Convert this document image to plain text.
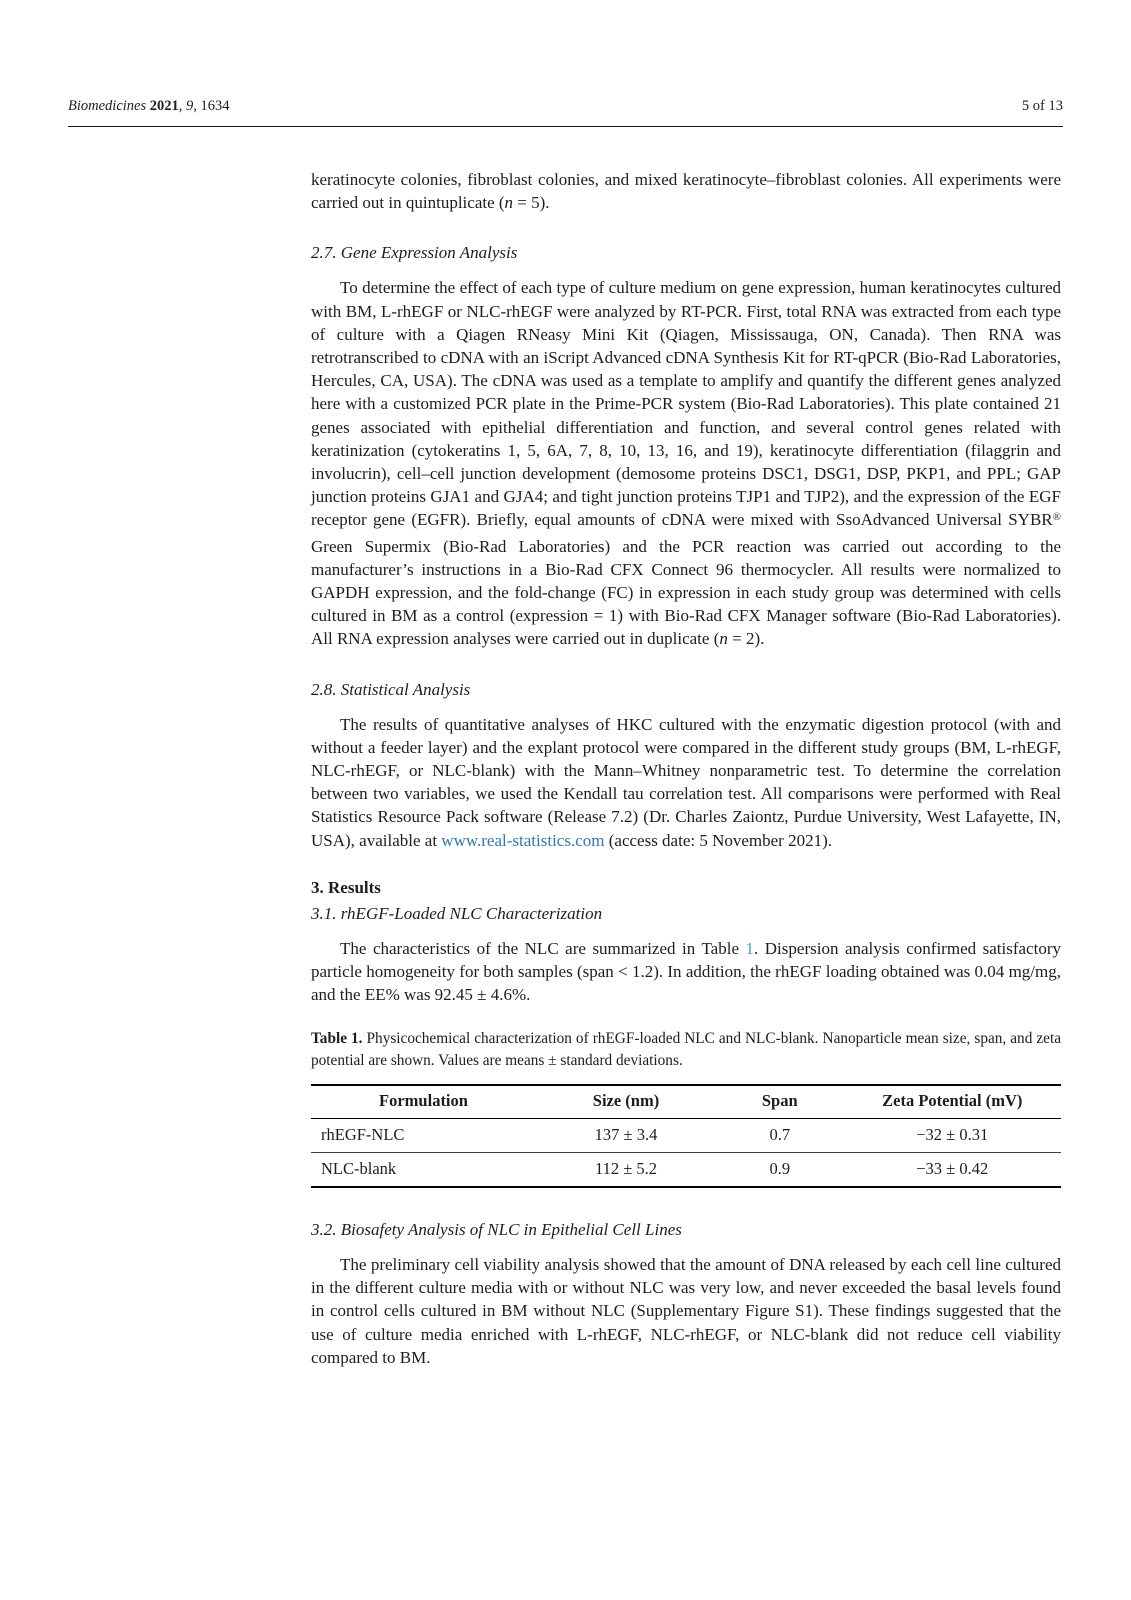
Biomedicines 2021, 9, 1634	5 of 13

keratinocyte colonies, fibroblast colonies, and mixed keratinocyte–fibroblast colonies. All experiments were carried out in quintuplicate (n = 5).

2.7. Gene Expression Analysis

To determine the effect of each type of culture medium on gene expression, human keratinocytes cultured with BM, L-rhEGF or NLC-rhEGF were analyzed by RT-PCR. First, total RNA was extracted from each type of culture with a Qiagen RNeasy Mini Kit (Qiagen, Mississauga, ON, Canada). Then RNA was retrotranscribed to cDNA with an iScript Advanced cDNA Synthesis Kit for RT-qPCR (Bio-Rad Laboratories, Hercules, CA, USA). The cDNA was used as a template to amplify and quantify the different genes analyzed here with a customized PCR plate in the Prime-PCR system (Bio-Rad Laboratories). This plate contained 21 genes associated with epithelial differentiation and function, and several control genes related with keratinization (cytokeratins 1, 5, 6A, 7, 8, 10, 13, 16, and 19), keratinocyte differentiation (filaggrin and involucrin), cell–cell junction development (demosome proteins DSC1, DSG1, DSP, PKP1, and PPL; GAP junction proteins GJA1 and GJA4; and tight junction proteins TJP1 and TJP2), and the expression of the EGF receptor gene (EGFR). Briefly, equal amounts of cDNA were mixed with SsoAdvanced Universal SYBR® Green Supermix (Bio-Rad Laboratories) and the PCR reaction was carried out according to the manufacturer’s instructions in a Bio-Rad CFX Connect 96 thermocycler. All results were normalized to GAPDH expression, and the fold-change (FC) in expression in each study group was determined with cells cultured in BM as a control (expression = 1) with Bio-Rad CFX Manager software (Bio-Rad Laboratories). All RNA expression analyses were carried out in duplicate (n = 2).

2.8. Statistical Analysis

The results of quantitative analyses of HKC cultured with the enzymatic digestion protocol (with and without a feeder layer) and the explant protocol were compared in the different study groups (BM, L-rhEGF, NLC-rhEGF, or NLC-blank) with the Mann–Whitney nonparametric test. To determine the correlation between two variables, we used the Kendall tau correlation test. All comparisons were performed with Real Statistics Resource Pack software (Release 7.2) (Dr. Charles Zaiontz, Purdue University, West Lafayette, IN, USA), available at www.real-statistics.com (access date: 5 November 2021).

3. Results
3.1. rhEGF-Loaded NLC Characterization

The characteristics of the NLC are summarized in Table 1. Dispersion analysis confirmed satisfactory particle homogeneity for both samples (span < 1.2). In addition, the rhEGF loading obtained was 0.04 mg/mg, and the EE% was 92.45 ± 4.6%.

Table 1. Physicochemical characterization of rhEGF-loaded NLC and NLC-blank. Nanoparticle mean size, span, and zeta potential are shown. Values are means ± standard deviations.

Formulation	Size (nm)	Span	Zeta Potential (mV)
rhEGF-NLC	137 ± 3.4	0.7	−32 ± 0.31
NLC-blank	112 ± 5.2	0.9	−33 ± 0.42
3.2. Biosafety Analysis of NLC in Epithelial Cell Lines

The preliminary cell viability analysis showed that the amount of DNA released by each cell line cultured in the different culture media with or without NLC was very low, and never exceeded the basal levels found in control cells cultured in BM without NLC (Supplementary Figure S1). These findings suggested that the use of culture media enriched with L-rhEGF, NLC-rhEGF, or NLC-blank did not reduce cell viability compared to BM.
